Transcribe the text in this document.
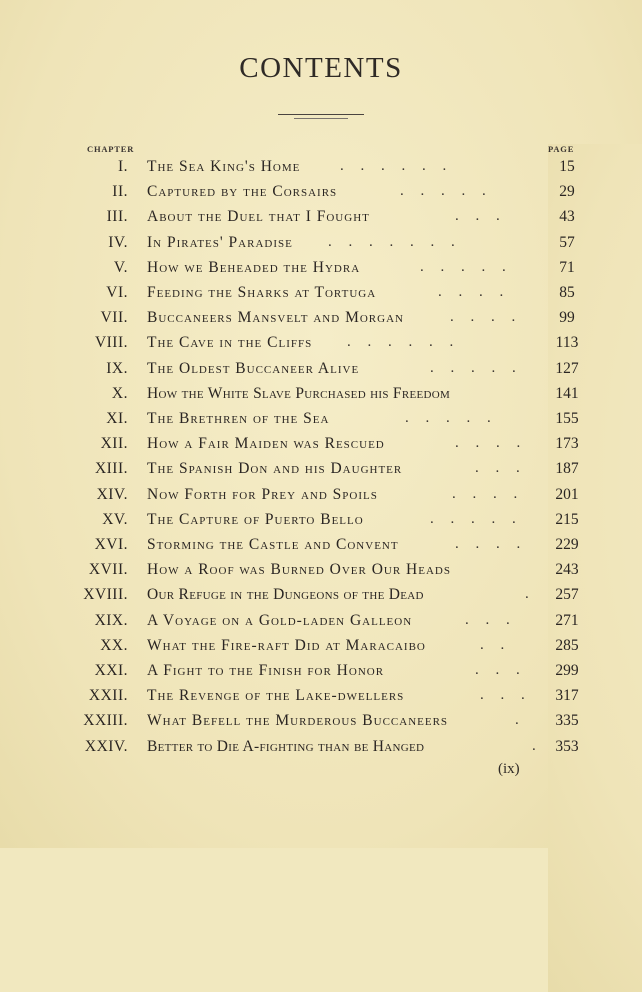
CONTENTS
CHAPTER	PAGE
I. The Sea King's Home	. . . . . .	15
II. Captured by the Corsairs	. . . . .	29
III. About the Duel that I Fought	. . .	43
IV. In Pirates' Paradise . . . . . . .	57
V. How we Beheaded the Hydra	. . . . .	71
VI. Feeding the Sharks at Tortuga	. . . .	85
VII. Buccaneers Mansvelt and Morgan	. . . .	99
VIII. The Cave in the Cliffs . . . . . .	113
IX. The Oldest Buccaneer Alive	. . . . .	127
X. How the White Slave Purchased his Freedom	141
XI. The Brethren of the Sea	. . . . .	155
XII. How a Fair Maiden was Rescued	. . . .	173
XIII. The Spanish Don and his Daughter	. . .	187
XIV. Now Forth for Prey and Spoils	. . . .	201
XV. The Capture of Puerto Bello	. . . . .	215
XVI. Storming the Castle and Convent	. . . .	229
XVII. How a Roof was Burned Over Our Heads	243
XVIII. Our Refuge in the Dungeons of the Dead	.	257
XIX. A Voyage on a Gold-laden Galleon	. . .	271
XX. What the Fire-raft Did at Maracaibo	. .	285
XXI. A Fight to the Finish for Honor	. . .	299
XXII. The Revenge of the Lake-dwellers	. . .	317
XXIII. What Befell the Murderous Buccaneers	.	335
XXIV. Better to Die A-fighting than be Hanged	.	353
(ix)
